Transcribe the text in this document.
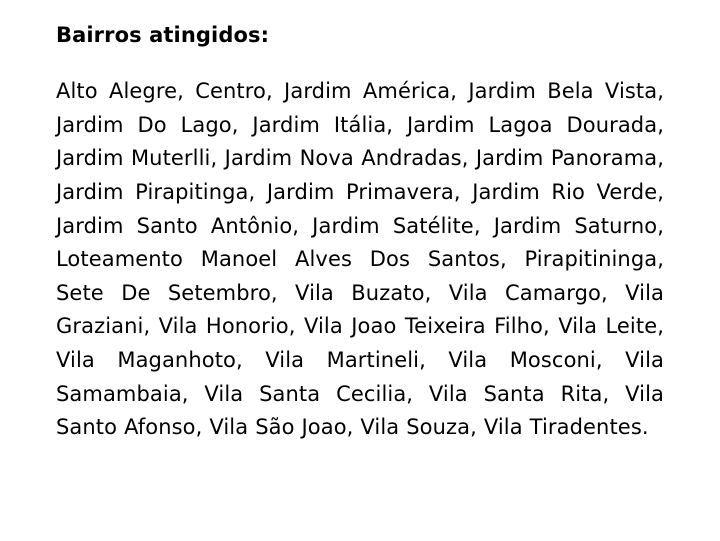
Bairros atingidos:

Alto Alegre, Centro, Jardim América, Jardim Bela Vista, Jardim Do Lago, Jardim Itália, Jardim Lagoa Dourada, Jardim Muterlli, Jardim Nova Andradas, Jardim Panorama, Jardim Pirapitinga, Jardim Primavera, Jardim Rio Verde, Jardim Santo Antônio, Jardim Satélite, Jardim Saturno, Loteamento Manoel Alves Dos Santos, Pirapitininga, Sete De Setembro, Vila Buzato, Vila Camargo, Vila Graziani, Vila Honorio, Vila Joao Teixeira Filho, Vila Leite, Vila Maganhoto, Vila Martineli, Vila Mosconi, Vila Samambaia, Vila Santa Cecilia, Vila Santa Rita, Vila Santo Afonso, Vila São Joao, Vila Souza, Vila Tiradentes.
